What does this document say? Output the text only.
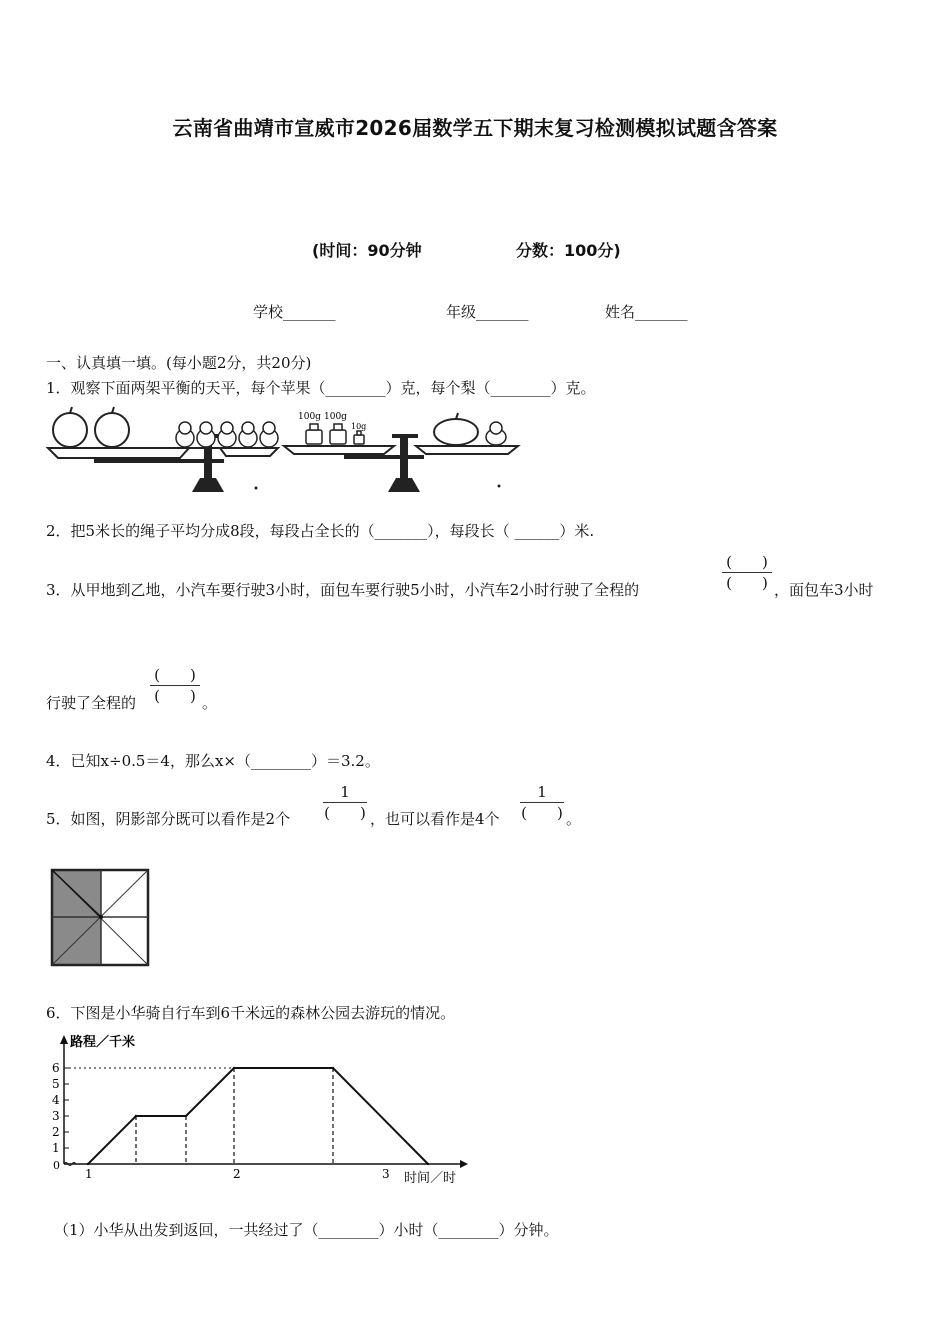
云南省曲靖市宣威市2026届数学五下期末复习检测模拟试题含答案
(时间：90分钟	分数：100分)
学校_______	年级_______	姓名_______
一、认真填一填。(每小题2分，共20分)
1．观察下面两架平衡的天平，每个苹果（________）克，每个梨（________）克。
100g 100g
10g
2．把5米长的绳子平均分成8段，每段占全长的（_______），每段长（ ______）米.
3．从甲地到乙地，小汽车要行驶3小时，面包车要行驶5小时，小汽车2小时行驶了全程的
(　　)
(　　) ，面包车3小时
行驶了全程的
(　　)
(　　) 。
4．已知x÷0.5＝4，那么x×（________）＝3.2。
5．如图，阴影部分既可以看作是2个
1
(　　) ，也可以看作是4个
1
(　　) 。
6．下图是小华骑自行车到6千米远的森林公园去游玩的情况。
路程／千米
时间／时
0
1
2
3
4
5
6
1	2	3
（1）小华从出发到返回，一共经过了（________）小时（________）分钟。
